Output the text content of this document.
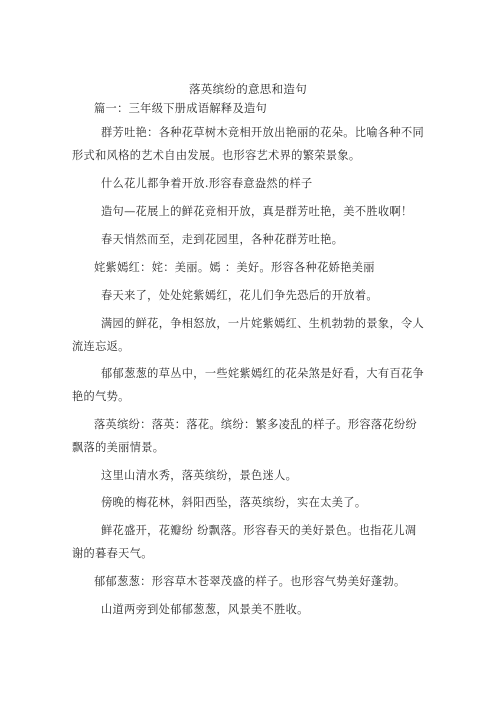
落英缤纷的意思和造句
篇一：三年级下册成语解释及造句
群芳吐艳：各种花草树木竞相开放出艳丽的花朵。比喻各种不同
形式和风格的艺术自由发展。也形容艺术界的繁荣景象。
什么花儿都争着开放.形容春意盎然的样子
造句—花展上的鲜花竞相开放，真是群芳吐艳，美不胜收啊！
春天悄然而至，走到花园里，各种花群芳吐艳。
姹紫嫣红：姹：美丽。嫣 ：美好。形容各种花娇艳美丽
春天来了，处处姹紫嫣红，花儿们争先恐后的开放着。
满园的鲜花，争相怒放，一片姹紫嫣红、生机勃勃的景象，令人
流连忘返。
郁郁葱葱的草丛中，一些姹紫嫣红的花朵煞是好看，大有百花争
艳的气势。
落英缤纷：落英：落花。缤纷：繁多凌乱的样子。形容落花纷纷
飘落的美丽情景。
这里山清水秀，落英缤纷，景色迷人。
傍晚的梅花林，斜阳西坠，落英缤纷，实在太美了。
鲜花盛开，花瓣纷 纷飘落。形容春天的美好景色。也指花儿凋
谢的暮春天气。
郁郁葱葱：形容草木苍翠茂盛的样子。也形容气势美好蓬勃。
山道两旁到处郁郁葱葱，风景美不胜收。
